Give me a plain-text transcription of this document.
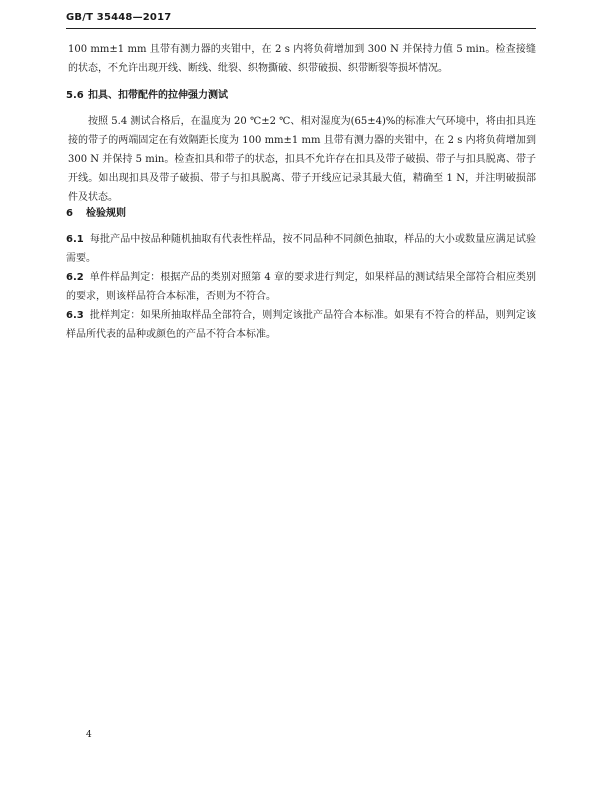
GB/T 35448—2017
100 mm±1 mm 且带有测力器的夹钳中，在 2 s 内将负荷增加到 300 N 并保持力值 5 min。检查接缝的状态，不允许出现开线、断线、纰裂、织物撕破、织带破损、织带断裂等损坏情况。
5.6 扣具、扣带配件的拉伸强力测试
按照 5.4 测试合格后，在温度为 20 ℃±2 ℃、相对湿度为(65±4)%的标准大气环境中，将由扣具连接的带子的两端固定在有效隔距长度为 100 mm±1 mm 且带有测力器的夹钳中，在 2 s 内将负荷增加到 300 N 并保持 5 min。检查扣具和带子的状态，扣具不允许存在扣具及带子破损、带子与扣具脱离、带子开线。如出现扣具及带子破损、带子与扣具脱离、带子开线应记录其最大值，精确至 1 N，并注明破损部件及状态。
6 检验规则
6.1 每批产品中按品种随机抽取有代表性样品，按不同品种不同颜色抽取，样品的大小或数量应满足试验需要。
6.2 单件样品判定：根据产品的类别对照第 4 章的要求进行判定，如果样品的测试结果全部符合相应类别的要求，则该样品符合本标准，否则为不符合。
6.3 批样判定：如果所抽取样品全部符合，则判定该批产品符合本标准。如果有不符合的样品，则判定该样品所代表的品种或颜色的产品不符合本标准。
4
